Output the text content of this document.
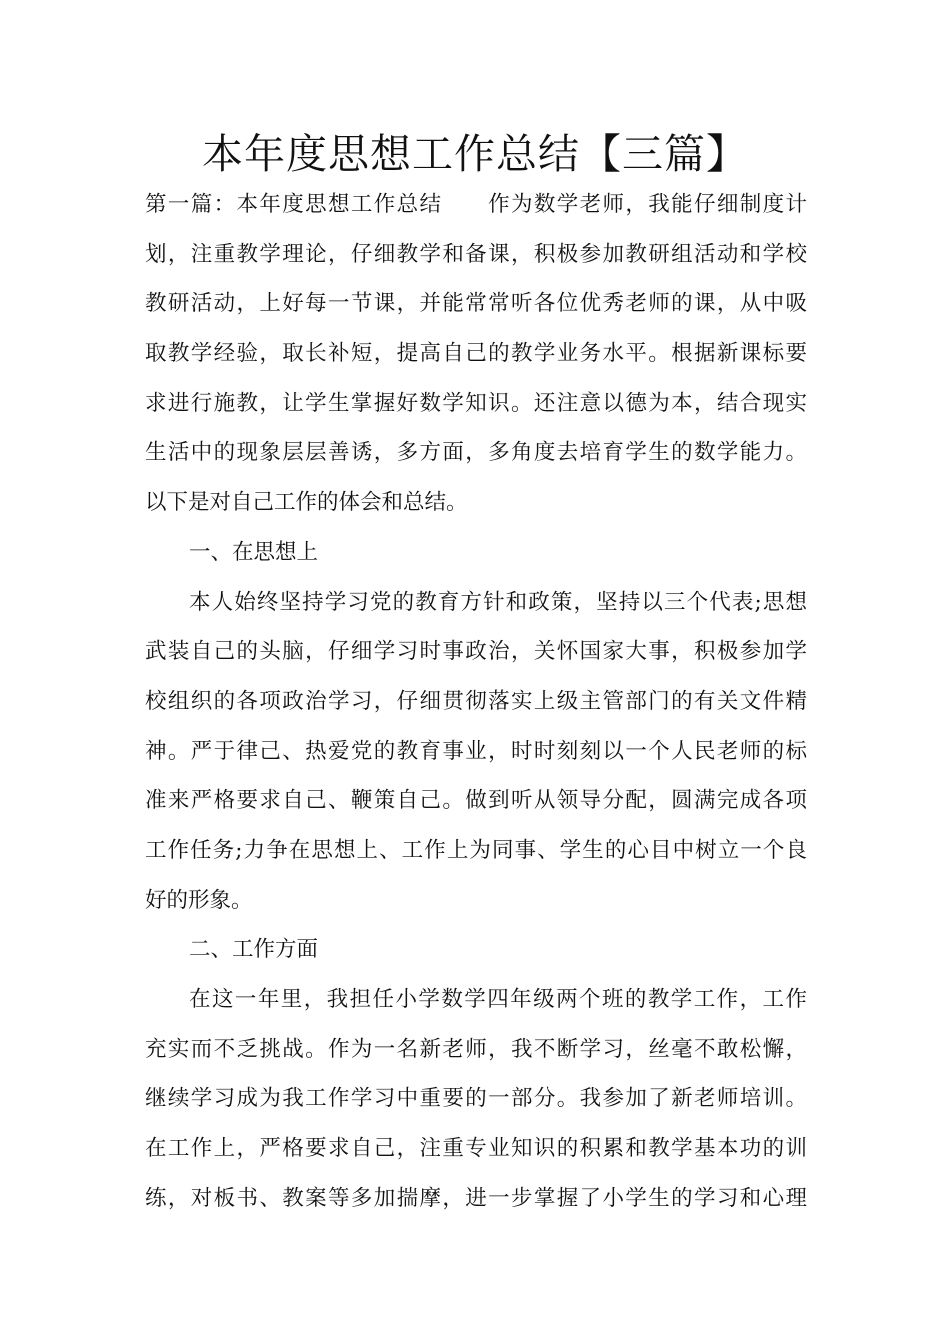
本年度思想工作总结【三篇】
第一篇：本年度思想工作总结　　作为数学老师，我能仔细制度计
划，注重教学理论，仔细教学和备课，积极参加教研组活动和学校
教研活动，上好每一节课，并能常常听各位优秀老师的课，从中吸
取教学经验，取长补短，提高自己的教学业务水平。根据新课标要
求进行施教，让学生掌握好数学知识。还注意以德为本，结合现实
生活中的现象层层善诱，多方面，多角度去培育学生的数学能力。
以下是对自己工作的体会和总结。
一、在思想上
本人始终坚持学习党的教育方针和政策，坚持以三个代表;思想
武装自己的头脑，仔细学习时事政治，关怀国家大事，积极参加学
校组织的各项政治学习，仔细贯彻落实上级主管部门的有关文件精
神。严于律己、热爱党的教育事业，时时刻刻以一个人民老师的标
准来严格要求自己、鞭策自己。做到听从领导分配，圆满完成各项
工作任务;力争在思想上、工作上为同事、学生的心目中树立一个良
好的形象。
二、工作方面
在这一年里，我担任小学数学四年级两个班的教学工作，工作
充实而不乏挑战。作为一名新老师，我不断学习，丝毫不敢松懈，
继续学习成为我工作学习中重要的一部分。我参加了新老师培训。
在工作上，严格要求自己，注重专业知识的积累和教学基本功的训
练，对板书、教案等多加揣摩，进一步掌握了小学生的学习和心理
